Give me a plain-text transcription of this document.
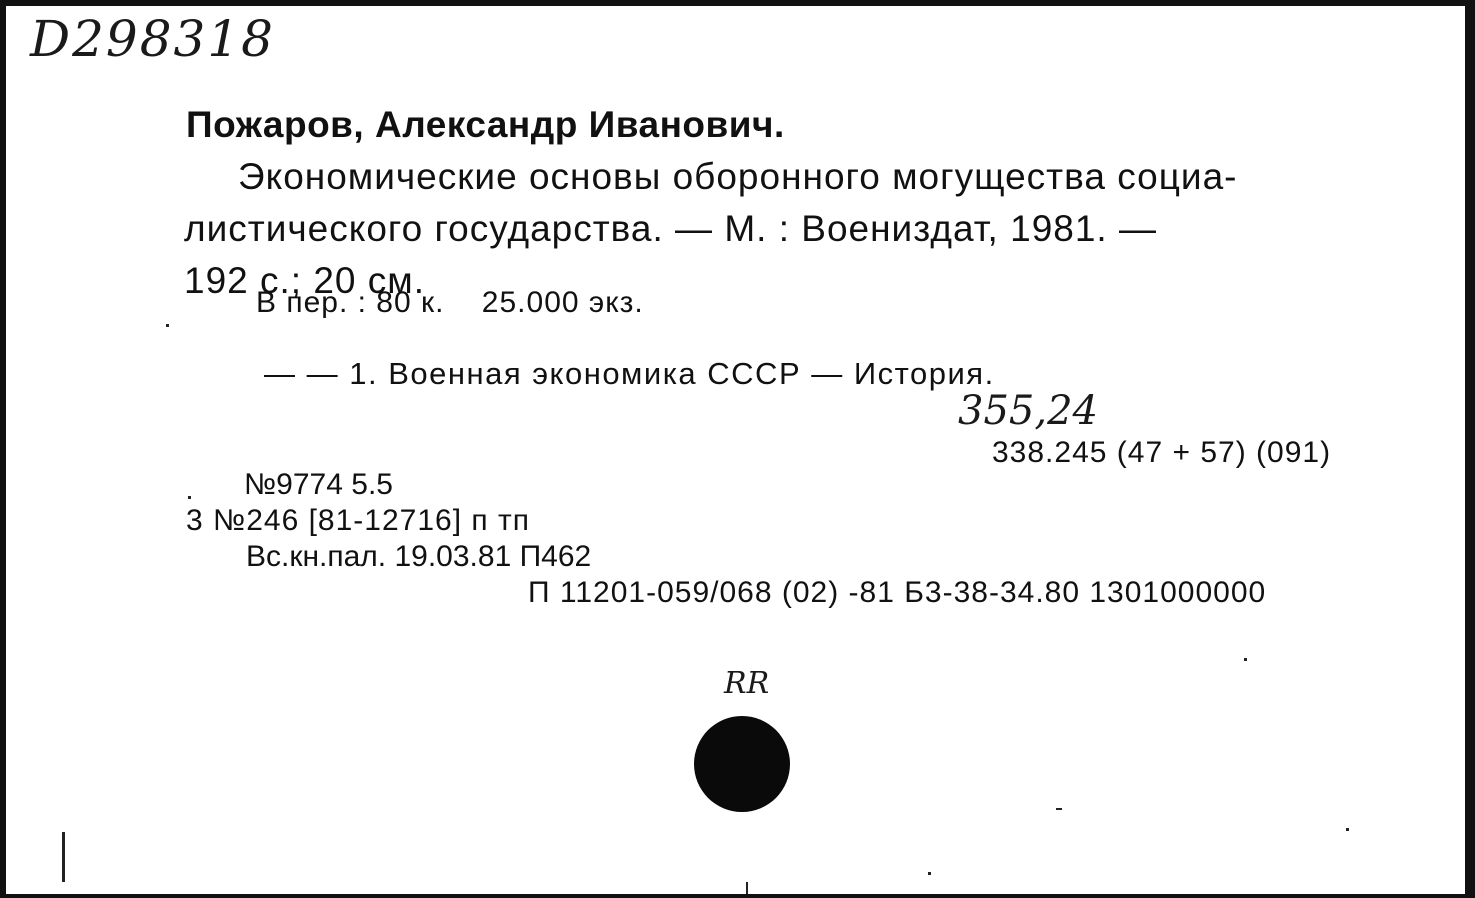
D298318
Пожаров, Александр Иванович.
Экономические основы оборонного могущества социа-
листического государства. — М. : Воениздат, 1981. —
192 с.; 20 см.
В пер. : 80 к.    25.000 экз.
— — 1. Военная экономика СССР — История.
355,24
338.245 (47 + 57) (091)
№9774 5.5
3 №246 [81-12716] п тп
Вс.кн.пал. 19.03.81 П462
П 11201-059/068 (02) -81 Б3-38-34.80 1301000000
RR
